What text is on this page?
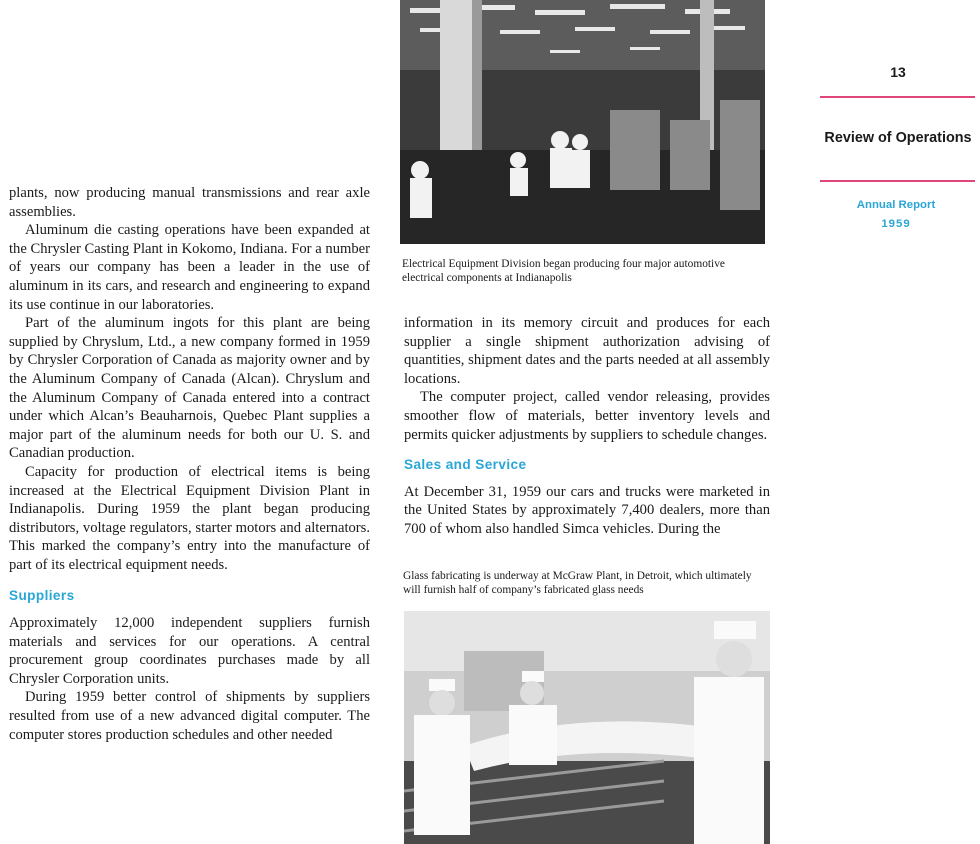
Electrical Equipment Division began producing four major automotive electrical components at Indianapolis

plants, now producing manual transmissions and rear axle assemblies.

Aluminum die casting operations have been expanded at the Chrysler Casting Plant in Kokomo, Indiana. For a number of years our company has been a leader in the use of aluminum in its cars, and research and engineering to expand its use continue in our laboratories.

Part of the aluminum ingots for this plant are being supplied by Chryslum, Ltd., a new company formed in 1959 by Chrysler Corporation of Canada as majority owner and by the Aluminum Company of Canada (Alcan). Chryslum and the Aluminum Company of Canada entered into a contract under which Alcan’s Beauharnois, Quebec Plant supplies a major part of the aluminum needs for both our U. S. and Canadian production.

Capacity for production of electrical items is being increased at the Electrical Equipment Division Plant in Indianapolis. During 1959 the plant began producing distributors, voltage regulators, starter motors and alternators. This marked the company’s entry into the manufacture of part of its electrical equipment needs.

Suppliers

Approximately 12,000 independent suppliers furnish materials and services for our operations. A central procurement group coordinates purchases made by all Chrysler Corporation units.

During 1959 better control of shipments by suppliers resulted from use of a new advanced digital computer. The computer stores production schedules and other needed

information in its memory circuit and produces for each supplier a single shipment authorization advising of quantities, shipment dates and the parts needed at all assembly locations.

The computer project, called vendor releasing, provides smoother flow of materials, better inventory levels and permits quicker adjustments by suppliers to schedule changes.

Sales and Service

At December 31, 1959 our cars and trucks were marketed in the United States by approximately 7,400 dealers, more than 700 of whom also handled Simca vehicles. During the

Glass fabricating is underway at McGraw Plant, in Detroit, which ultimately will furnish half of company’s fabricated glass needs
13
Review of Operations
Annual Report
1959
